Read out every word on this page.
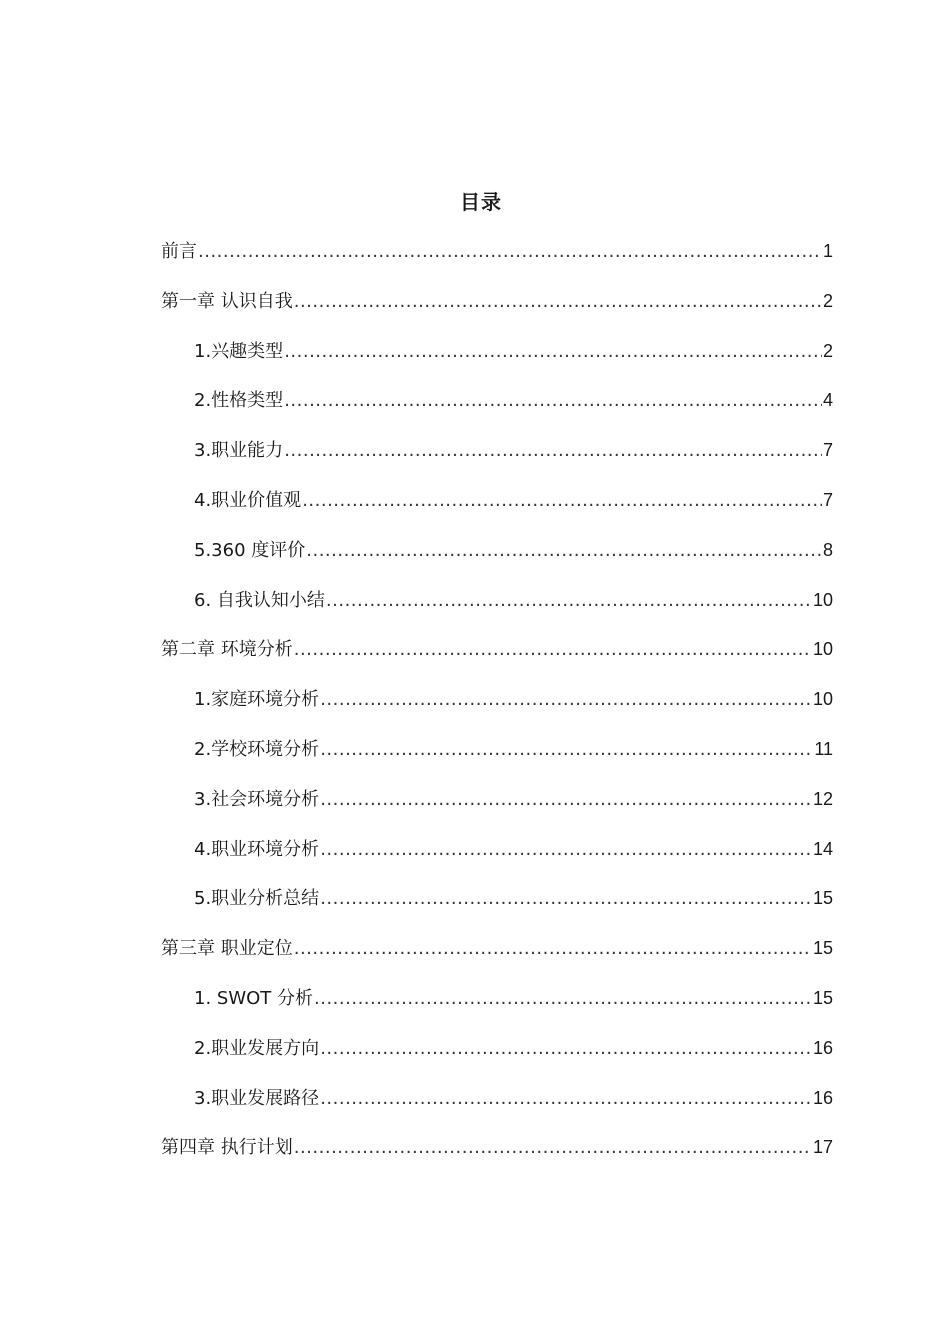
目录
前言 .....	1
第一章 认识自我 .....	2
1.兴趣类型 .....	2
2.性格类型 .....	4
3.职业能力 .....	7
4.职业价值观 .....	7
5.360 度评价 .....	8
6. 自我认知小结 .....	10
第二章 环境分析 .....	10
1.家庭环境分析 .....	10
2.学校环境分析 .....	11
3.社会环境分析 .....	12
4.职业环境分析 .....	14
5.职业分析总结 .....	15
第三章 职业定位 .....	15
1. SWOT 分析 .....	15
2.职业发展方向 .....	16
3.职业发展路径 .....	16
第四章 执行计划 .....	17
